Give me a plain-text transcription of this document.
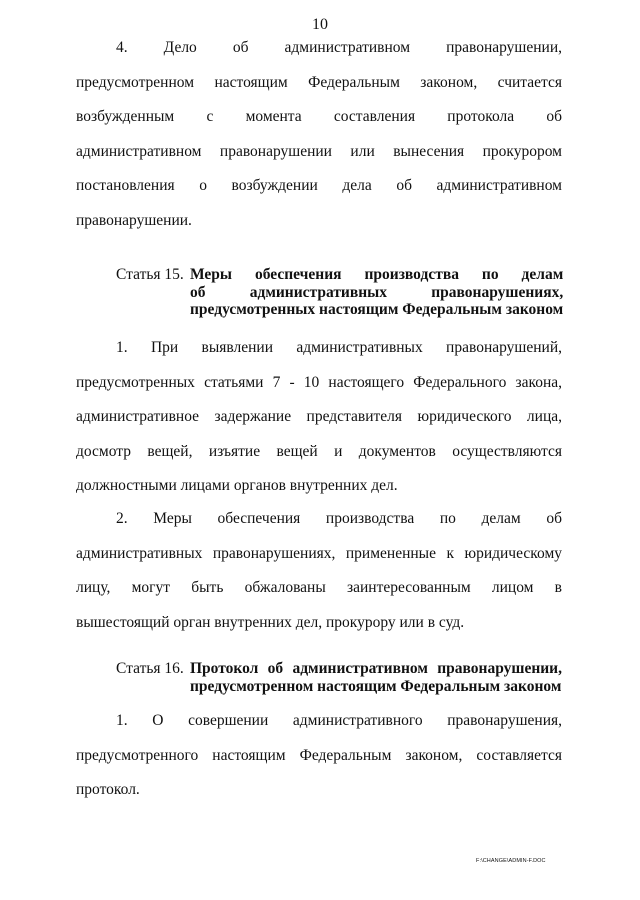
10
4. Дело об административном правонарушении,
предусмотренном настоящим Федеральным законом, считается
возбужденным с момента составления протокола об
административном правонарушении или вынесения прокурором
постановления о возбуждении дела об административном
правонарушении.
Статья 15. Меры обеспечения производства по делам
об административных правонарушениях,
предусмотренных настоящим Федеральным законом
1. При выявлении административных правонарушений,
предусмотренных статьями 7 - 10 настоящего Федерального закона,
административное задержание представителя юридического лица,
досмотр вещей, изъятие вещей и документов осуществляются
должностными лицами органов внутренних дел.
2. Меры обеспечения производства по делам об
административных правонарушениях, примененные к юридическому
лицу, могут быть обжалованы заинтересованным лицом в
вышестоящий орган внутренних дел, прокурору или в суд.
Статья 16. Протокол об административном правонарушении,
предусмотренном настоящим Федеральным законом
1. О совершении административного правонарушения,
предусмотренного настоящим Федеральным законом, составляется
протокол.
F:\CHANGE\ADMIN-F.DOC
